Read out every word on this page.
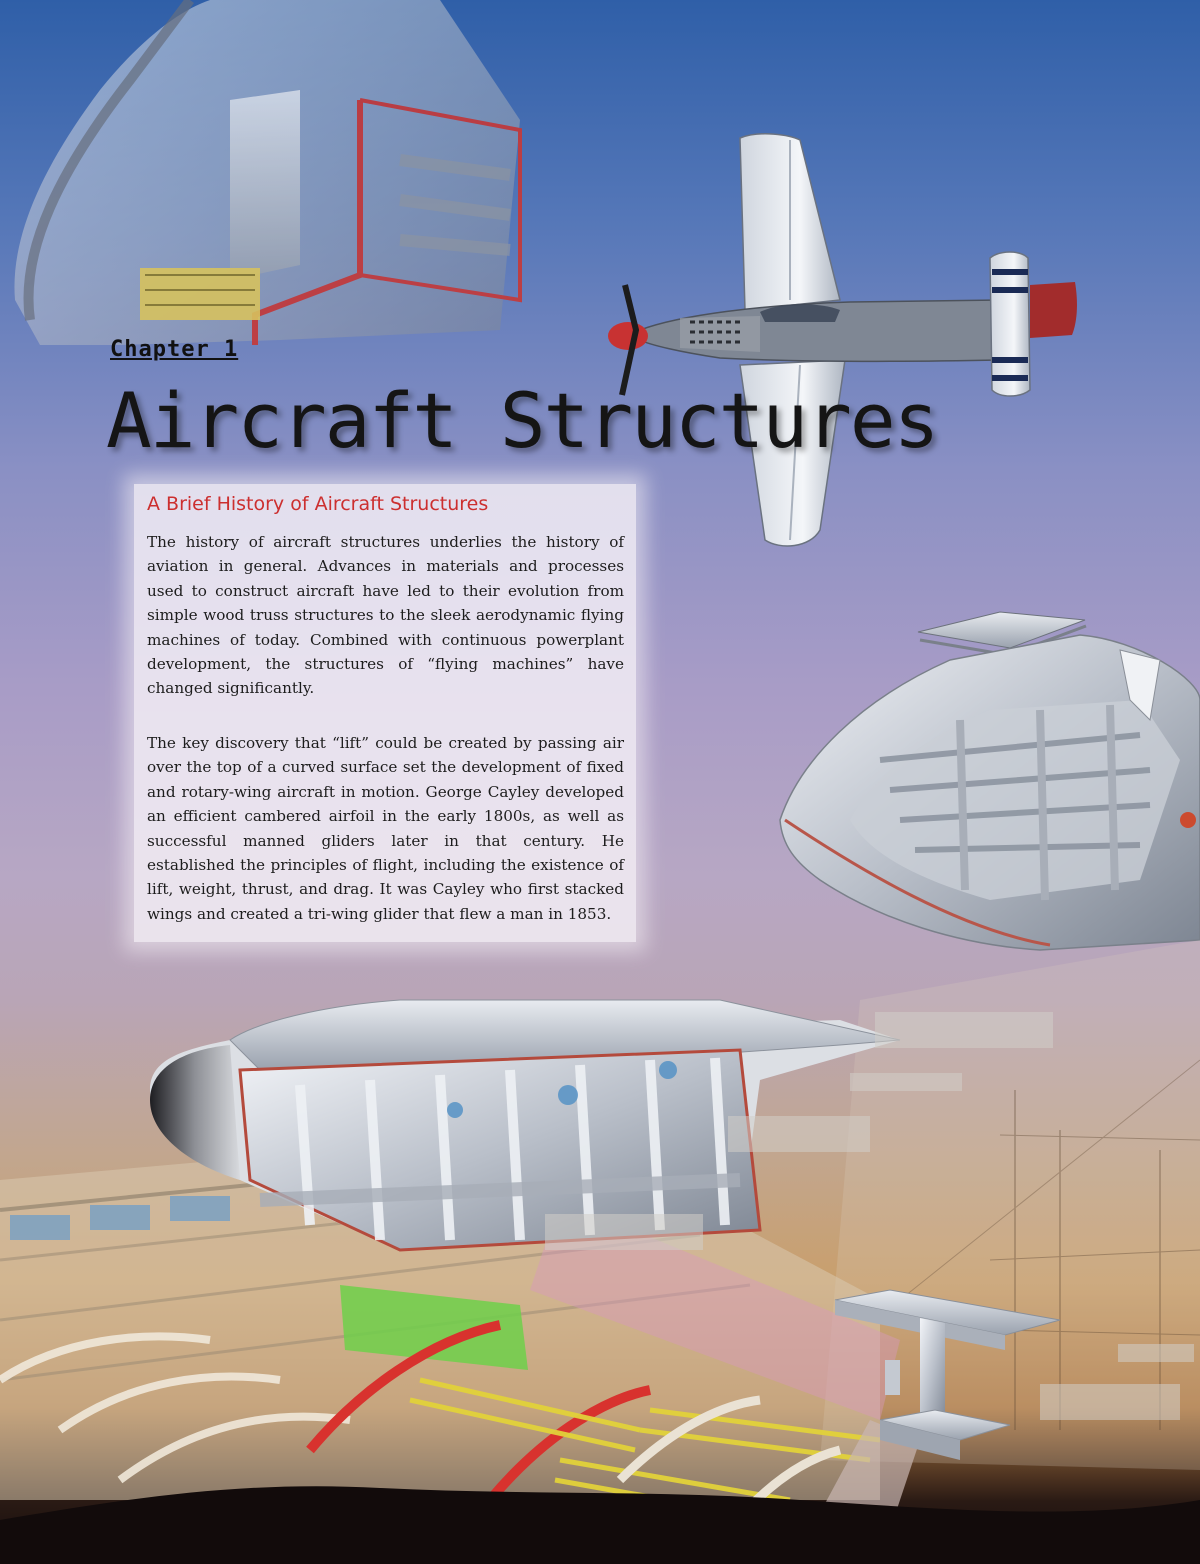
Chapter 1
Aircraft Structures
A Brief History of Aircraft Structures

The history of aircraft structures underlies the history of aviation in general. Advances in materials and processes used to construct aircraft have led to their evolution from simple wood truss structures to the sleek aerodynamic flying machines of today. Combined with continuous powerplant development, the structures of “flying machines” have changed significantly.

The key discovery that “lift” could be created by passing air over the top of a curved surface set the development of fixed and rotary-wing aircraft in motion. George Cayley developed an efficient cambered airfoil in the early 1800s, as well as successful manned gliders later in that century. He established the principles of flight, including the existence of lift, weight, thrust, and drag. It was Cayley who first stacked wings and created a tri-wing glider that flew a man in 1853.
